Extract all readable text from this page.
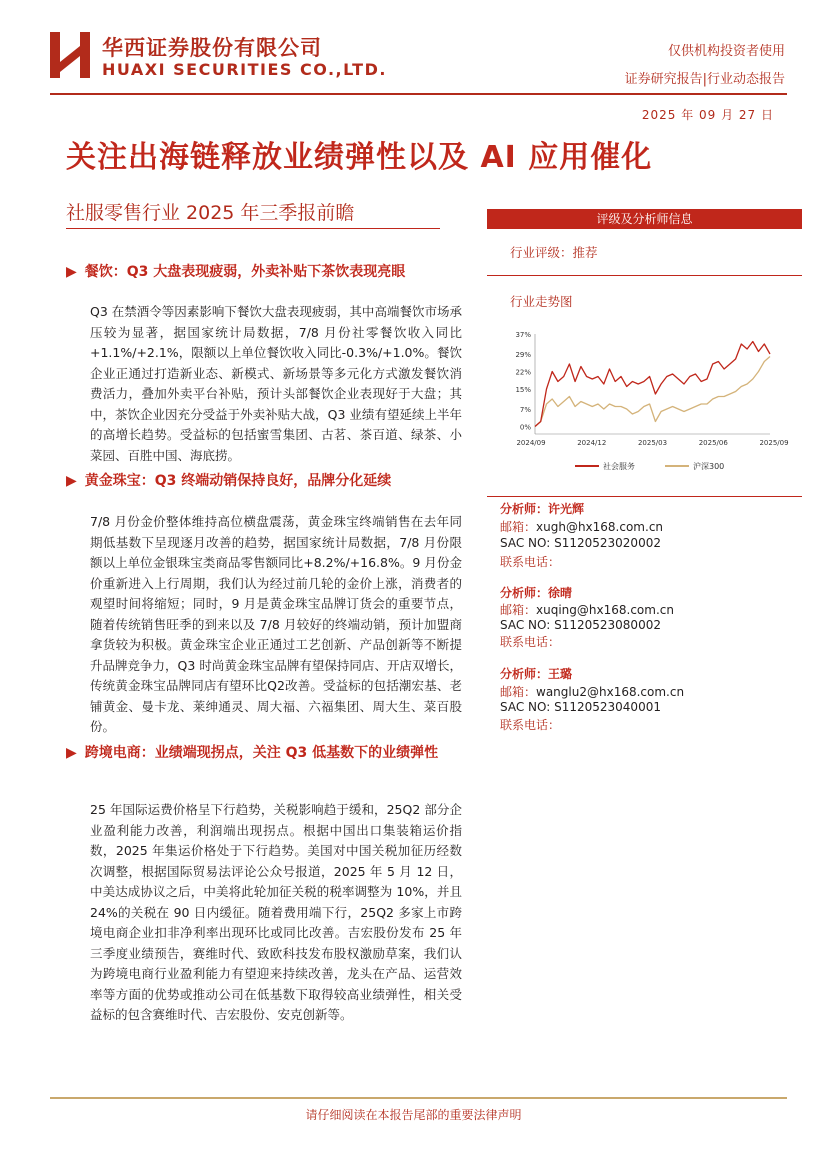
华西证券股份有限公司
HUAXI SECURITIES CO.,LTD.
仅供机构投资者使用
证券研究报告|行业动态报告
2025 年 09 月 27 日
关注出海链释放业绩弹性以及 AI 应用催化
社服零售行业 2025 年三季报前瞻
▶ 餐饮：Q3 大盘表现疲弱，外卖补贴下茶饮表现亮眼
Q3 在禁酒令等因素影响下餐饮大盘表现疲弱，其中高端餐饮市场承压较为显著，据国家统计局数据，7/8 月份社零餐饮收入同比+1.1%/+2.1%，限额以上单位餐饮收入同比-0.3%/+1.0%。餐饮企业正通过打造新业态、新模式、新场景等多元化方式激发餐饮消费活力，叠加外卖平台补贴，预计头部餐饮企业表现好于大盘；其中，茶饮企业因充分受益于外卖补贴大战，Q3 业绩有望延续上半年的高增长趋势。受益标的包括蜜雪集团、古茗、茶百道、绿茶、小菜园、百胜中国、海底捞。
▶ 黄金珠宝：Q3 终端动销保持良好，品牌分化延续
7/8 月份金价整体维持高位横盘震荡，黄金珠宝终端销售在去年同期低基数下呈现逐月改善的趋势，据国家统计局数据，7/8 月份限额以上单位金银珠宝类商品零售额同比+8.2%/+16.8%。9 月份金价重新进入上行周期，我们认为经过前几轮的金价上涨，消费者的观望时间将缩短；同时，9 月是黄金珠宝品牌订货会的重要节点，随着传统销售旺季的到来以及 7/8 月较好的终端动销，预计加盟商拿货较为积极。黄金珠宝企业正通过工艺创新、产品创新等不断提升品牌竞争力，Q3 时尚黄金珠宝品牌有望保持同店、开店双增长，传统黄金珠宝品牌同店有望环比Q2改善。受益标的包括潮宏基、老铺黄金、曼卡龙、莱绅通灵、周大福、六福集团、周大生、菜百股份。
▶ 跨境电商：业绩端现拐点，关注 Q3 低基数下的业绩弹性
25 年国际运费价格呈下行趋势，关税影响趋于缓和，25Q2 部分企业盈利能力改善，利润端出现拐点。根据中国出口集装箱运价指数，2025 年集运价格处于下行趋势。美国对中国关税加征历经数次调整，根据国际贸易法评论公众号报道，2025 年 5 月 12 日，中美达成协议之后，中美将此轮加征关税的税率调整为 10%，并且 24%的关税在 90 日内缓征。随着费用端下行，25Q2 多家上市跨境电商企业扣非净利率出现环比或同比改善。吉宏股份发布 25 年三季度业绩预告，赛维时代、致欧科技发布股权激励草案，我们认为跨境电商行业盈利能力有望迎来持续改善，龙头在产品、运营效率等方面的优势或推动公司在低基数下取得较高业绩弹性，相关受益标的包含赛维时代、吉宏股份、安克创新等。
评级及分析师信息
行业评级：推荐
行业走势图
37%
29%
22%
15%
7%
0%
2024/09	2024/12	2025/03	2025/06	2025/09
社会服务	沪深300
分析师：许光辉
邮箱：xugh@hx168.com.cn
SAC NO: S1120523020002
联系电话：
分析师：徐晴
邮箱：xuqing@hx168.com.cn
SAC NO: S1120523080002
联系电话：
分析师：王璐
邮箱：wanglu2@hx168.com.cn
SAC NO: S1120523040001
联系电话：
请仔细阅读在本报告尾部的重要法律声明
